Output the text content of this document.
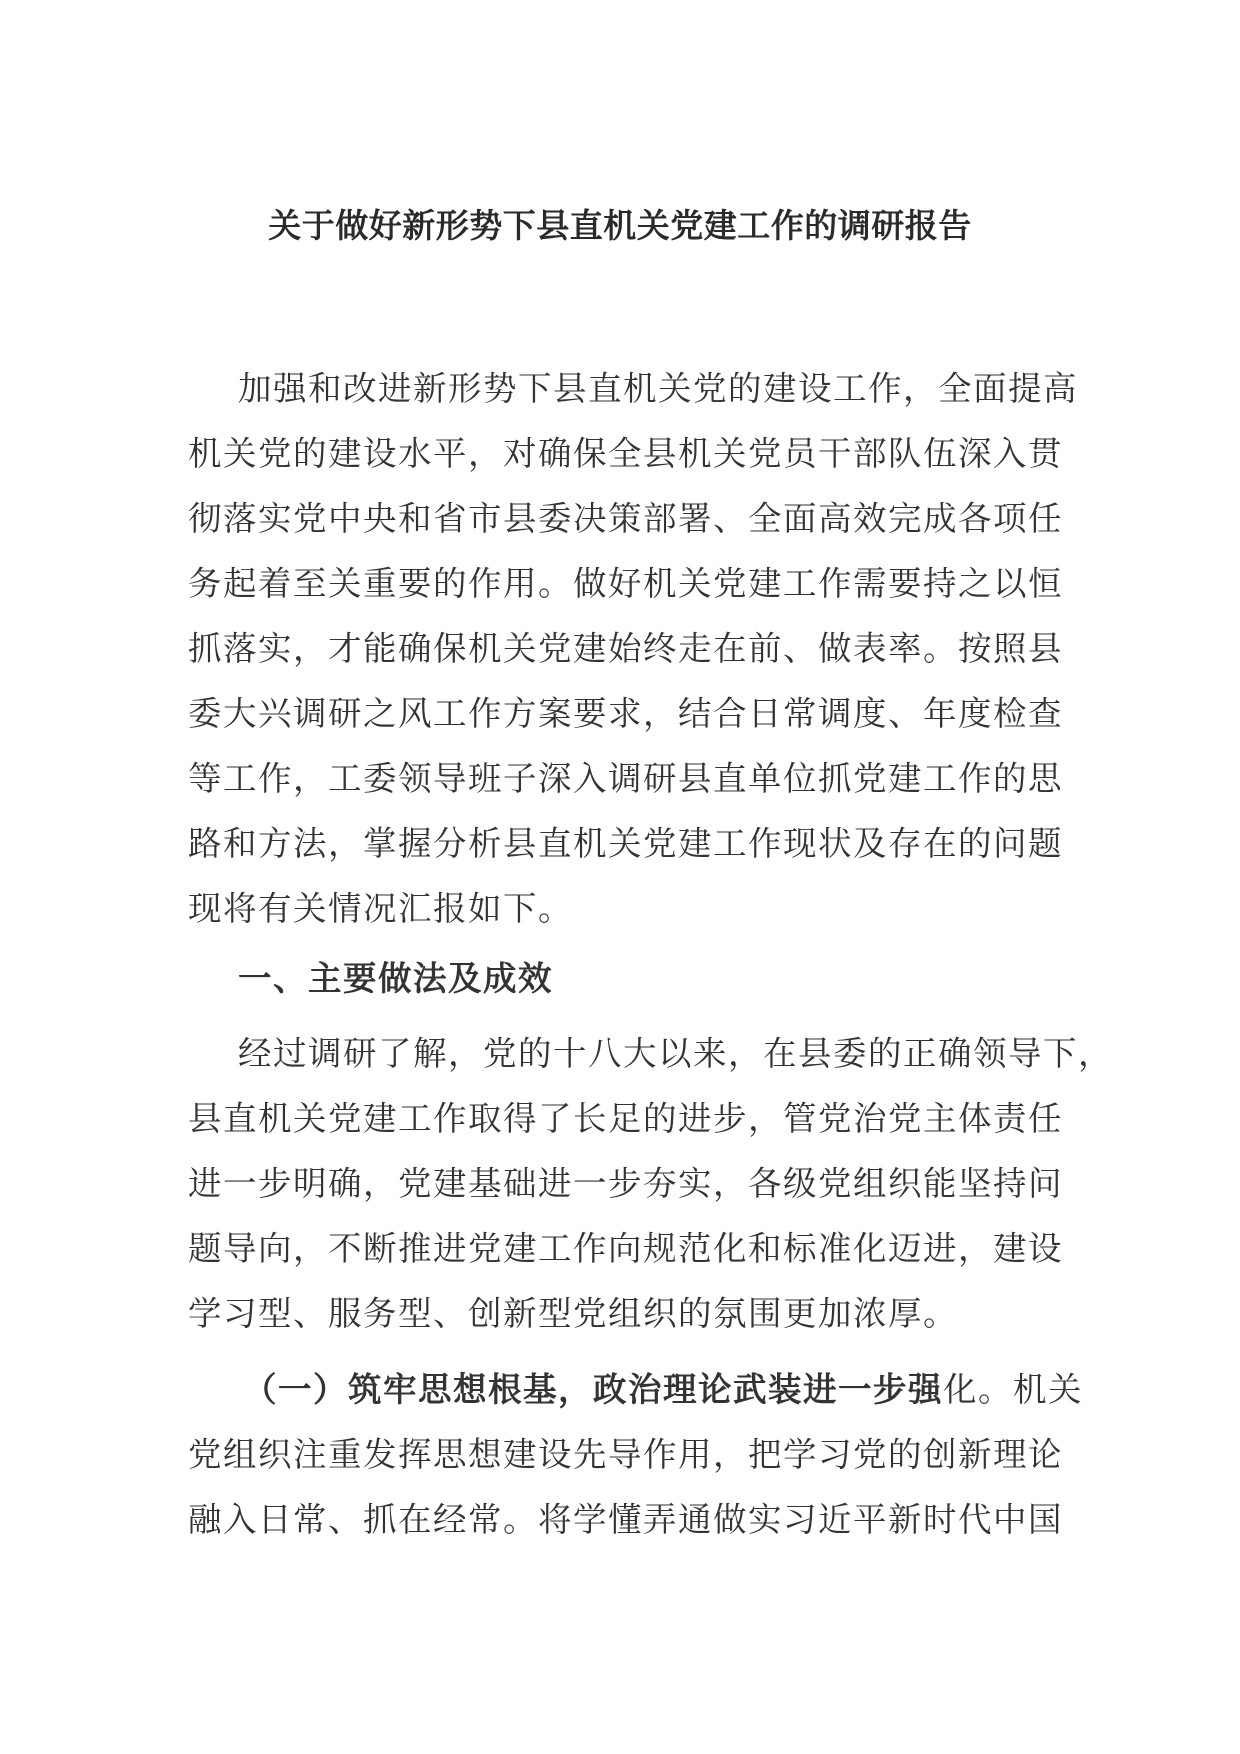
关于做好新形势下县直机关党建工作的调研报告
加强和改进新形势下县直机关党的建设工作，全面提高
机关党的建设水平，对确保全县机关党员干部队伍深入贯
彻落实党中央和省市县委决策部署、全面高效完成各项任
务起着至关重要的作用。做好机关党建工作需要持之以恒
抓落实，才能确保机关党建始终走在前、做表率。按照县
委大兴调研之风工作方案要求，结合日常调度、年度检查
等工作，工委领导班子深入调研县直单位抓党建工作的思
路和方法，掌握分析县直机关党建工作现状及存在的问题
现将有关情况汇报如下。
一、主要做法及成效
经过调研了解，党的十八大以来，在县委的正确领导下，
县直机关党建工作取得了长足的进步，管党治党主体责任
进一步明确，党建基础进一步夯实，各级党组织能坚持问
题导向，不断推进党建工作向规范化和标准化迈进，建设
学习型、服务型、创新型党组织的氛围更加浓厚。
（一）筑牢思想根基，政治理论武装进一步强化。机关
党组织注重发挥思想建设先导作用，把学习党的创新理论
融入日常、抓在经常。将学懂弄通做实习近平新时代中国
